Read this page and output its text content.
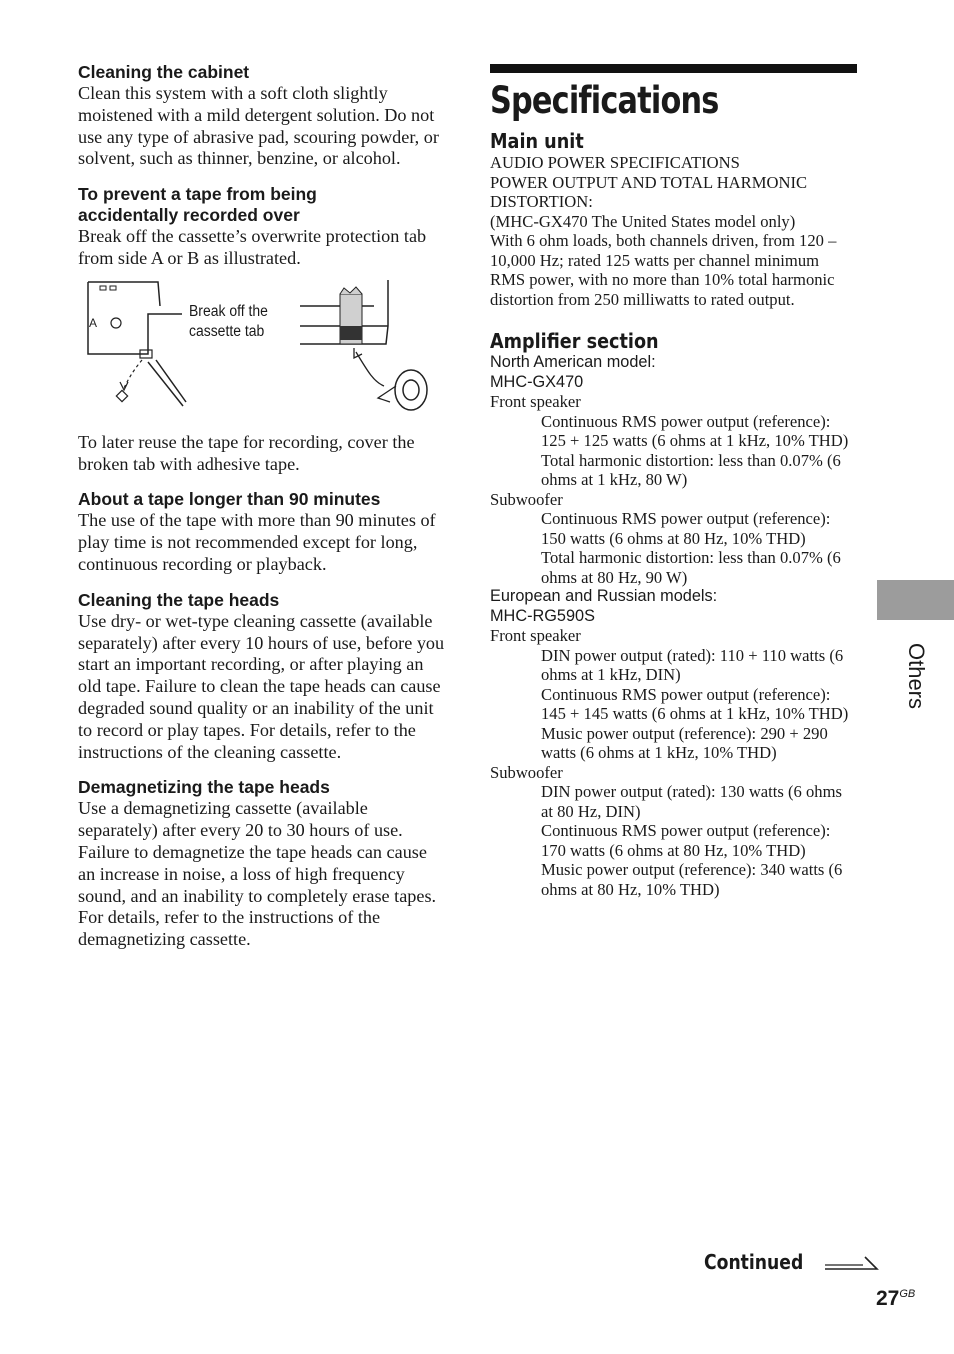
Cleaning the cabinet

Clean this system with a soft cloth slightly moistened with a mild detergent solution. Do not use any type of abrasive pad, scouring powder, or solvent, such as thinner, benzine, or alcohol.

To prevent a tape from being accidentally recorded over

Break off the cassette’s overwrite protection tab from side A or B as illustrated.

A
Break off the
cassette tab

To later reuse the tape for recording, cover the broken tab with adhesive tape.

About a tape longer than 90 minutes

The use of the tape with more than 90 minutes of play time is not recommended except for long, continuous recording or playback.

Cleaning the tape heads

Use dry- or wet-type cleaning cassette (available separately) after every 10 hours of use, before you start an important recording, or after playing an old tape. Failure to clean the tape heads can cause degraded sound quality or an inability of the unit to record or play tapes. For details, refer to the instructions of the cleaning cassette.

Demagnetizing the tape heads

Use a demagnetizing cassette (available separately) after every 20 to 30 hours of use. Failure to demagnetize the tape heads can cause an increase in noise, a loss of high frequency sound, and an inability to completely erase tapes. For details, refer to the instructions of the demagnetizing cassette.

Specifications

Main unit

AUDIO POWER SPECIFICATIONS

POWER OUTPUT AND TOTAL HARMONIC DISTORTION:

(MHC-GX470 The United States model only)

With 6 ohm loads, both channels driven, from 120 – 10,000 Hz; rated 125 watts per channel minimum RMS power, with no more than 10% total harmonic distortion from 250 milliwatts to rated output.

Amplifier section

North American model:

MHC-GX470

Front speaker

Continuous RMS power output (reference): 125 + 125 watts (6 ohms at 1 kHz, 10% THD)

Total harmonic distortion: less than 0.07% (6 ohms at 1 kHz, 80 W)

Subwoofer

Continuous RMS power output (reference): 150 watts (6 ohms at 80 Hz, 10% THD)

Total harmonic distortion: less than 0.07% (6 ohms at 80 Hz, 90 W)

European and Russian models:

MHC-RG590S

Front speaker

DIN power output (rated): 110 + 110 watts (6 ohms at 1 kHz, DIN)

Continuous RMS power output (reference): 145 + 145 watts (6 ohms at 1 kHz, 10% THD)

Music power output (reference): 290 + 290 watts (6 ohms at 1 kHz, 10% THD)

Subwoofer

DIN power output (rated): 130 watts (6 ohms at 80 Hz, DIN)

Continuous RMS power output (reference): 170 watts (6 ohms at 80 Hz, 10% THD)

Music power output (reference): 340 watts (6 ohms at 80 Hz, 10% THD)

Others
Continued
$27^{GB}$
